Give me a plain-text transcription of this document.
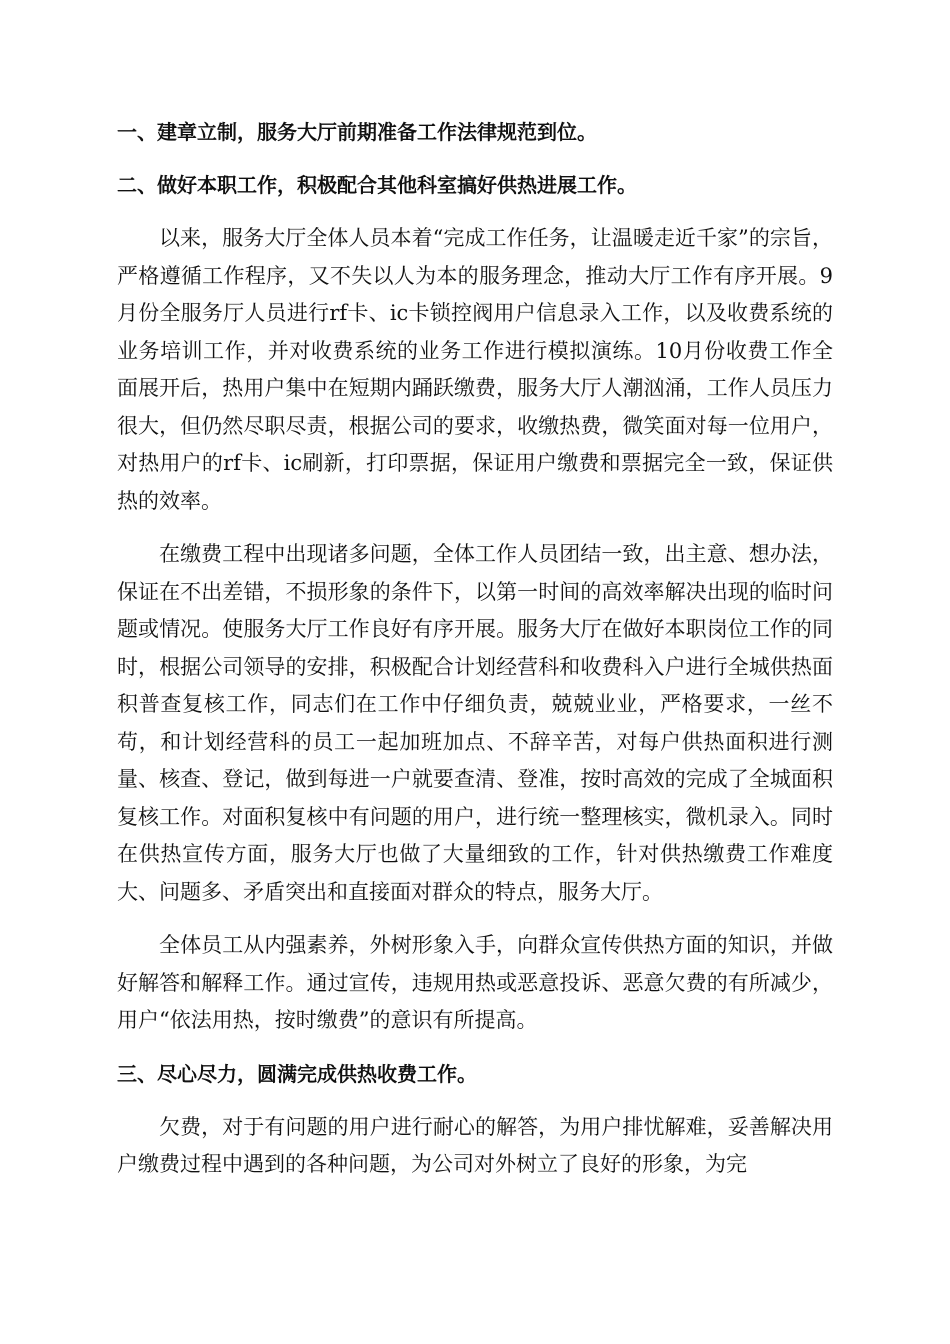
一、建章立制，服务大厅前期准备工作法律规范到位。
二、做好本职工作，积极配合其他科室搞好供热进展工作。

以来，服务大厅全体人员本着“完成工作任务，让温暖走近千家”的宗旨，严格遵循工作程序，又不失以人为本的服务理念，推动大厅工作有序开展。9月份全服务厅人员进行rf卡、ic卡锁控阀用户信息录入工作，以及收费系统的业务培训工作，并对收费系统的业务工作进行模拟演练。10月份收费工作全面展开后，热用户集中在短期内踊跃缴费，服务大厅人潮汹涌，工作人员压力很大，但仍然尽职尽责，根据公司的要求，收缴热费，微笑面对每一位用户，对热用户的rf卡、ic刷新，打印票据，保证用户缴费和票据完全一致，保证供热的效率。

在缴费工程中出现诸多问题，全体工作人员团结一致，出主意、想办法，保证在不出差错，不损形象的条件下，以第一时间的高效率解决出现的临时问题或情况。使服务大厅工作良好有序开展。服务大厅在做好本职岗位工作的同时，根据公司领导的安排，积极配合计划经营科和收费科入户进行全城供热面积普查复核工作，同志们在工作中仔细负责，兢兢业业，严格要求，一丝不苟，和计划经营科的员工一起加班加点、不辞辛苦，对每户供热面积进行测量、核查、登记，做到每进一户就要查清、登准，按时高效的完成了全城面积复核工作。对面积复核中有问题的用户，进行统一整理核实，微机录入。同时在供热宣传方面，服务大厅也做了大量细致的工作，针对供热缴费工作难度大、问题多、矛盾突出和直接面对群众的特点，服务大厅。

全体员工从内强素养，外树形象入手，向群众宣传供热方面的知识，并做好解答和解释工作。通过宣传，违规用热或恶意投诉、恶意欠费的有所减少，用户“依法用热，按时缴费”的意识有所提高。

三、尽心尽力，圆满完成供热收费工作。

欠费，对于有问题的用户进行耐心的解答，为用户排忧解难，妥善解决用户缴费过程中遇到的各种问题，为公司对外树立了良好的形象，为完
